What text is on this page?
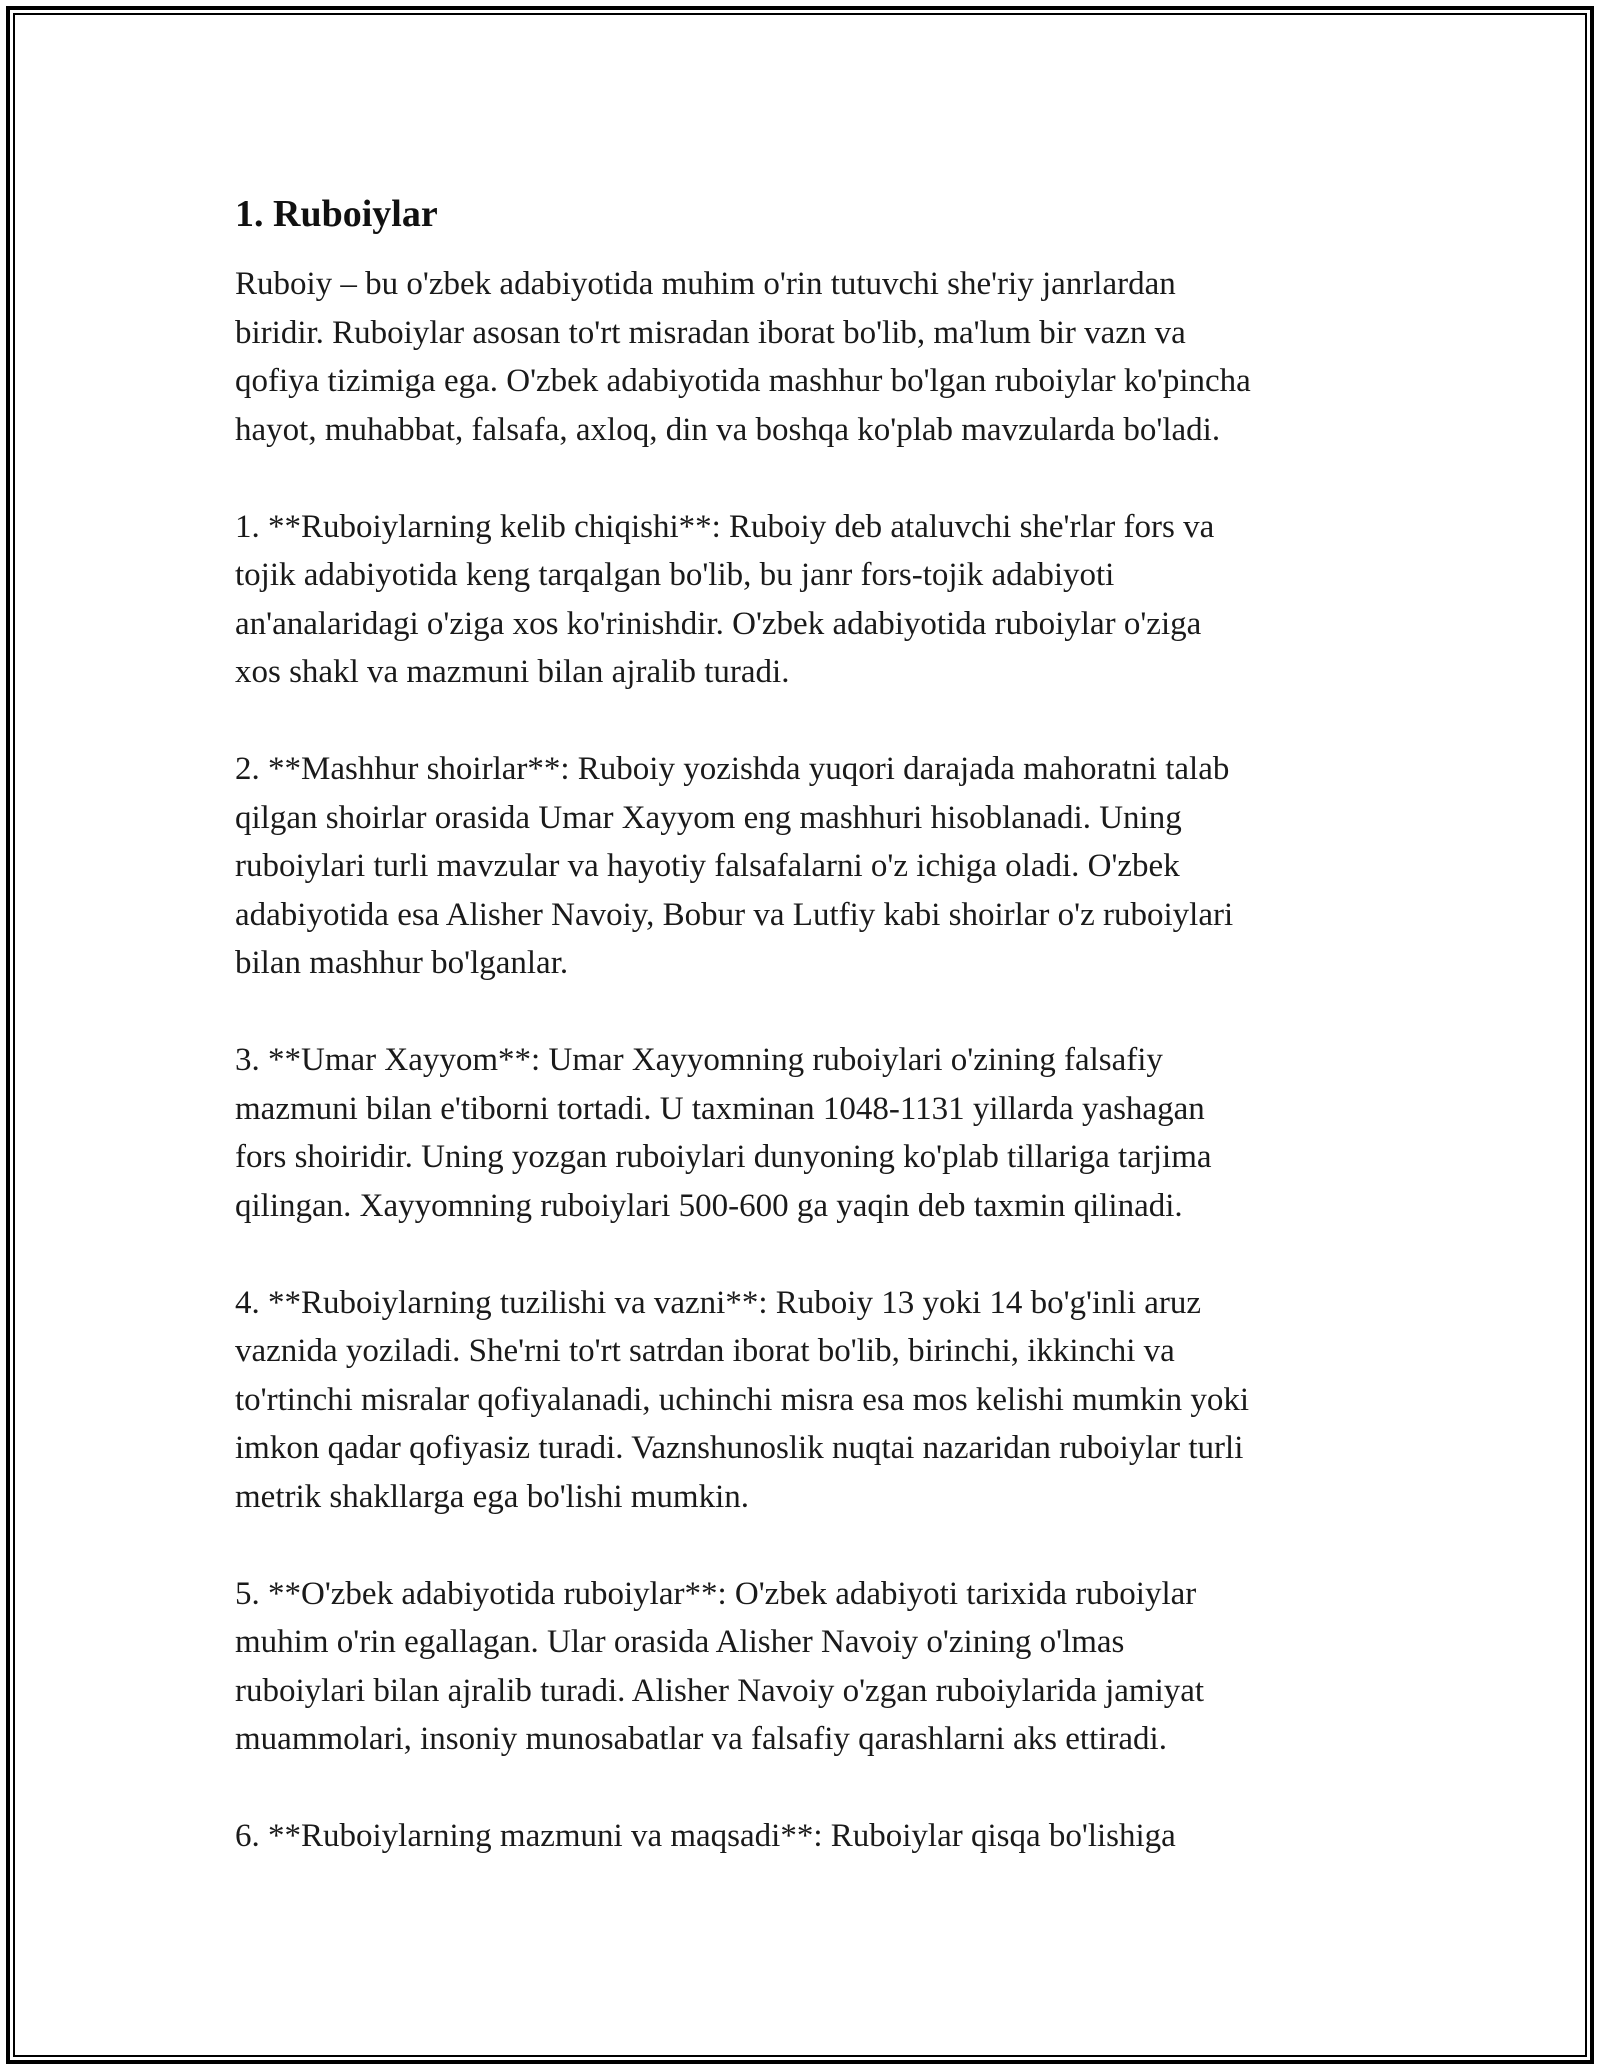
1. Ruboiylar

Ruboiy – bu o'zbek adabiyotida muhim o'rin tutuvchi she'riy janrlardan
biridir. Ruboiylar asosan to'rt misradan iborat bo'lib, ma'lum bir vazn va
qofiya tizimiga ega. O'zbek adabiyotida mashhur bo'lgan ruboiylar ko'pincha
hayot, muhabbat, falsafa, axloq, din va boshqa ko'plab mavzularda bo'ladi.

1. **Ruboiylarning kelib chiqishi**: Ruboiy deb ataluvchi she'rlar fors va
tojik adabiyotida keng tarqalgan bo'lib, bu janr fors-tojik adabiyoti
an'analaridagi o'ziga xos ko'rinishdir. O'zbek adabiyotida ruboiylar o'ziga
xos shakl va mazmuni bilan ajralib turadi.

2. **Mashhur shoirlar**: Ruboiy yozishda yuqori darajada mahoratni talab
qilgan shoirlar orasida Umar Xayyom eng mashhuri hisoblanadi. Uning
ruboiylari turli mavzular va hayotiy falsafalarni o'z ichiga oladi. O'zbek
adabiyotida esa Alisher Navoiy, Bobur va Lutfiy kabi shoirlar o'z ruboiylari
bilan mashhur bo'lganlar.

3. **Umar Xayyom**: Umar Xayyomning ruboiylari o'zining falsafiy
mazmuni bilan e'tiborni tortadi. U taxminan 1048-1131 yillarda yashagan
fors shoiridir. Uning yozgan ruboiylari dunyoning ko'plab tillariga tarjima
qilingan. Xayyomning ruboiylari 500-600 ga yaqin deb taxmin qilinadi.

4. **Ruboiylarning tuzilishi va vazni**: Ruboiy 13 yoki 14 bo'g'inli aruz
vaznida yoziladi. She'rni to'rt satrdan iborat bo'lib, birinchi, ikkinchi va
to'rtinchi misralar qofiyalanadi, uchinchi misra esa mos kelishi mumkin yoki
imkon qadar qofiyasiz turadi. Vaznshunoslik nuqtai nazaridan ruboiylar turli
metrik shakllarga ega bo'lishi mumkin.

5. **O'zbek adabiyotida ruboiylar**: O'zbek adabiyoti tarixida ruboiylar
muhim o'rin egallagan. Ular orasida Alisher Navoiy o'zining o'lmas
ruboiylari bilan ajralib turadi. Alisher Navoiy o'zgan ruboiylarida jamiyat
muammolari, insoniy munosabatlar va falsafiy qarashlarni aks ettiradi.

6. **Ruboiylarning mazmuni va maqsadi**: Ruboiylar qisqa bo'lishiga
